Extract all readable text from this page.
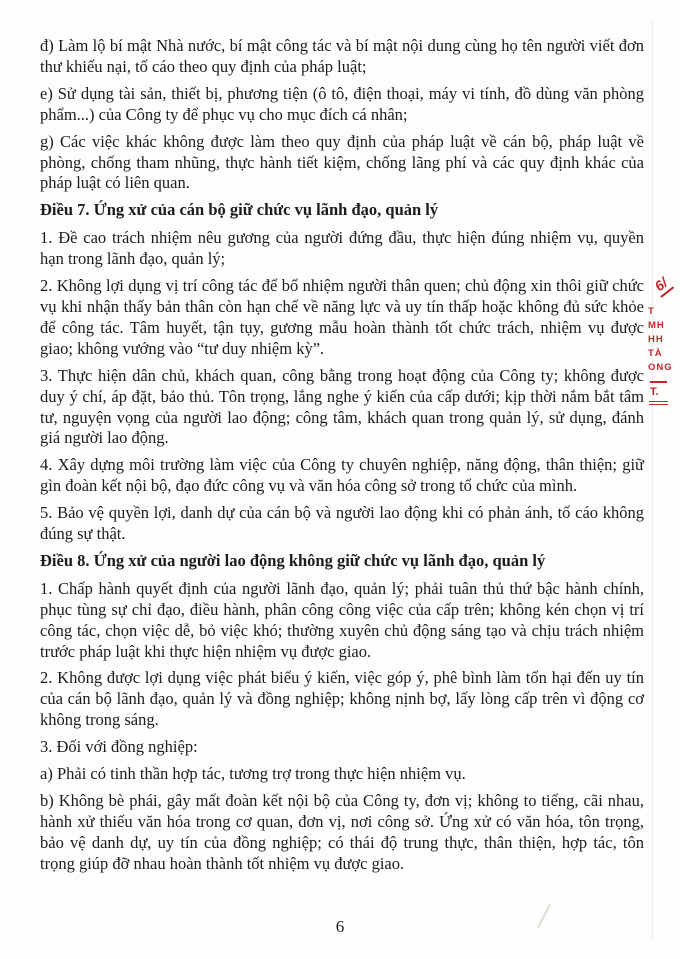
đ) Làm lộ bí mật Nhà nước, bí mật công tác và bí mật nội dung cùng họ tên người viết đơn thư khiếu nại, tố cáo theo quy định của pháp luật;

e) Sử dụng tài sản, thiết bị, phương tiện (ô tô, điện thoại, máy vi tính, đồ dùng văn phòng phẩm...) của Công ty để phục vụ cho mục đích cá nhân;

g) Các việc khác không được làm theo quy định của pháp luật về cán bộ, pháp luật về phòng, chống tham nhũng, thực hành tiết kiệm, chống lãng phí và các quy định khác của pháp luật có liên quan.

Điều 7. Ứng xử của cán bộ giữ chức vụ lãnh đạo, quản lý

1. Đề cao trách nhiệm nêu gương của người đứng đầu, thực hiện đúng nhiệm vụ, quyền hạn trong lãnh đạo, quản lý;

2. Không lợi dụng vị trí công tác để bổ nhiệm người thân quen; chủ động xin thôi giữ chức vụ khi nhận thấy bản thân còn hạn chế về năng lực và uy tín thấp hoặc không đủ sức khỏe để công tác. Tâm huyết, tận tụy, gương mẫu hoàn thành tốt chức trách, nhiệm vụ được giao; không vướng vào “tư duy nhiệm kỳ”.

3. Thực hiện dân chủ, khách quan, công bằng trong hoạt động của Công ty; không được duy ý chí, áp đặt, bảo thủ. Tôn trọng, lắng nghe ý kiến của cấp dưới; kịp thời nắm bắt tâm tư, nguyện vọng của người lao động; công tâm, khách quan trong quản lý, sử dụng, đánh giá người lao động.

4. Xây dựng môi trường làm việc của Công ty chuyên nghiệp, năng động, thân thiện; giữ gìn đoàn kết nội bộ, đạo đức công vụ và văn hóa công sở trong tổ chức của mình.

5. Bảo vệ quyền lợi, danh dự của cán bộ và người lao động khi có phản ánh, tố cáo không đúng sự thật.

Điều 8. Ứng xử của người lao động không giữ chức vụ lãnh đạo, quản lý

1. Chấp hành quyết định của người lãnh đạo, quản lý; phải tuân thủ thứ bậc hành chính, phục tùng sự chỉ đạo, điều hành, phân công công việc của cấp trên; không kén chọn vị trí công tác, chọn việc dễ, bỏ việc khó; thường xuyên chủ động sáng tạo và chịu trách nhiệm trước pháp luật khi thực hiện nhiệm vụ được giao.

2. Không được lợi dụng việc phát biểu ý kiến, việc góp ý, phê bình làm tổn hại đến uy tín của cán bộ lãnh đạo, quản lý và đồng nghiệp; không nịnh bợ, lấy lòng cấp trên vì động cơ không trong sáng.

3. Đối với đồng nghiệp:

a) Phải có tinh thần hợp tác, tương trợ trong thực hiện nhiệm vụ.

b) Không bè phái, gây mất đoàn kết nội bộ của Công ty, đơn vị; không to tiếng, cãi nhau, hành xử thiếu văn hóa trong cơ quan, đơn vị, nơi công sở. Ứng xử có văn hóa, tôn trọng, bảo vệ danh dự, uy tín của đồng nghiệp; có thái độ trung thực, thân thiện, hợp tác, tôn trọng giúp đỡ nhau hoàn thành tốt nhiệm vụ được giao.

6/
T
MH
HH
TÀ
ONG
T.
6
